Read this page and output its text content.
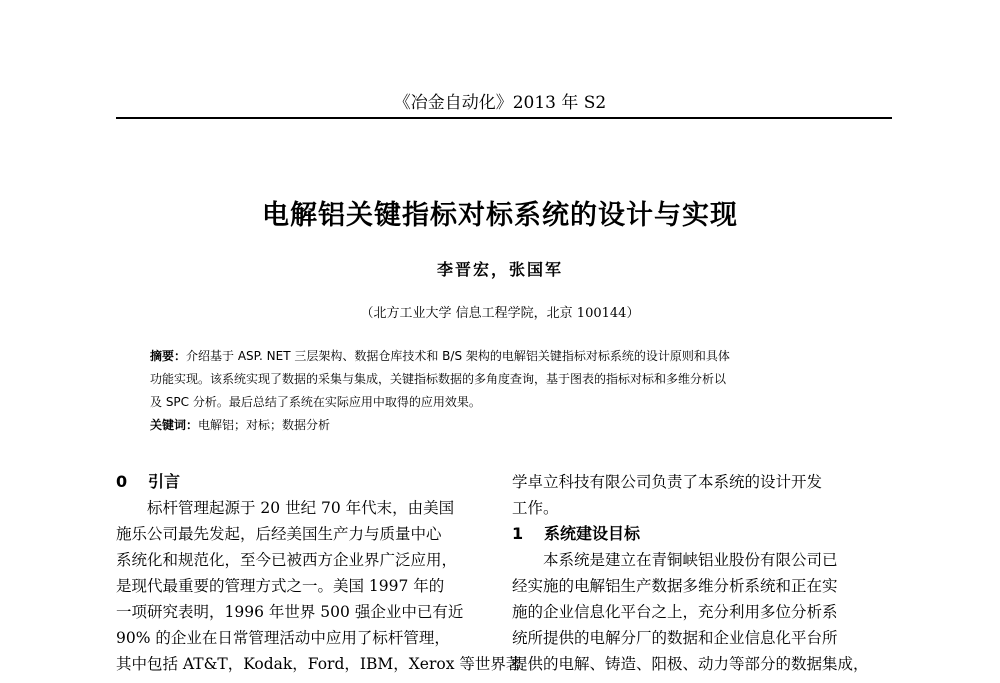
《冶金自动化》2013 年 S2
电解铝关键指标对标系统的设计与实现
李晋宏，张国军
（北方工业大学 信息工程学院，北京 100144）
摘要：介绍基于 ASP. NET 三层架构、数据仓库技术和 B/S 架构的电解铝关键指标对标系统的设计原则和具体
功能实现。该系统实现了数据的采集与集成，关键指标数据的多角度查询，基于图表的指标对标和多维分析以
及 SPC 分析。最后总结了系统在实际应用中取得的应用效果。
关键词：电解铝；对标；数据分析
0 引言
标杆管理起源于 20 世纪 70 年代末，由美国
施乐公司最先发起，后经美国生产力与质量中心
系统化和规范化，至今已被西方企业界广泛应用，
是现代最重要的管理方式之一。美国 1997 年的
一项研究表明，1996 年世界 500 强企业中已有近
90% 的企业在日常管理活动中应用了标杆管理，
其中包括 AT&T，Kodak，Ford，IBM，Xerox 等世界著
学卓立科技有限公司负责了本系统的设计开发
工作。
1 系统建设目标
本系统是建立在青铜峡铝业股份有限公司已
经实施的电解铝生产数据多维分析系统和正在实
施的企业信息化平台之上，充分利用多位分析系
统所提供的电解分厂的数据和企业信息化平台所
提供的电解、铸造、阳极、动力等部分的数据集成，
